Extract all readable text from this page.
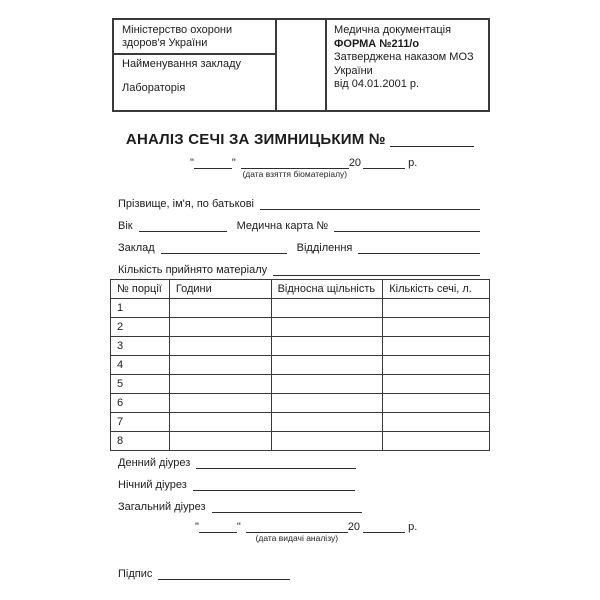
Міністерство охорони здоров'я України
Найменування закладу
Лабораторія
Медична документація
ФОРМА №211/о
Затверджена наказом МОЗ України
від 04.01.2001 р.
АНАЛІЗ СЕЧІ ЗА ЗИМНИЦЬКИМ №
"	"
(дата взяття біоматеріалу)
20	р.
Прізвище, ім'я, по батькові
Вік	Медична карта №
Заклад	Відділення
Кількість прийнято матеріалу
№ порції	Години	Відносна щільність	Кількість сечі, л.
1			
2			
3			
4			
5			
6			
7			
8			
Денний діурез
Нічний діурез
Загальний діурез
"	"
(дата видачі аналізу)
20	р.
Підпис
